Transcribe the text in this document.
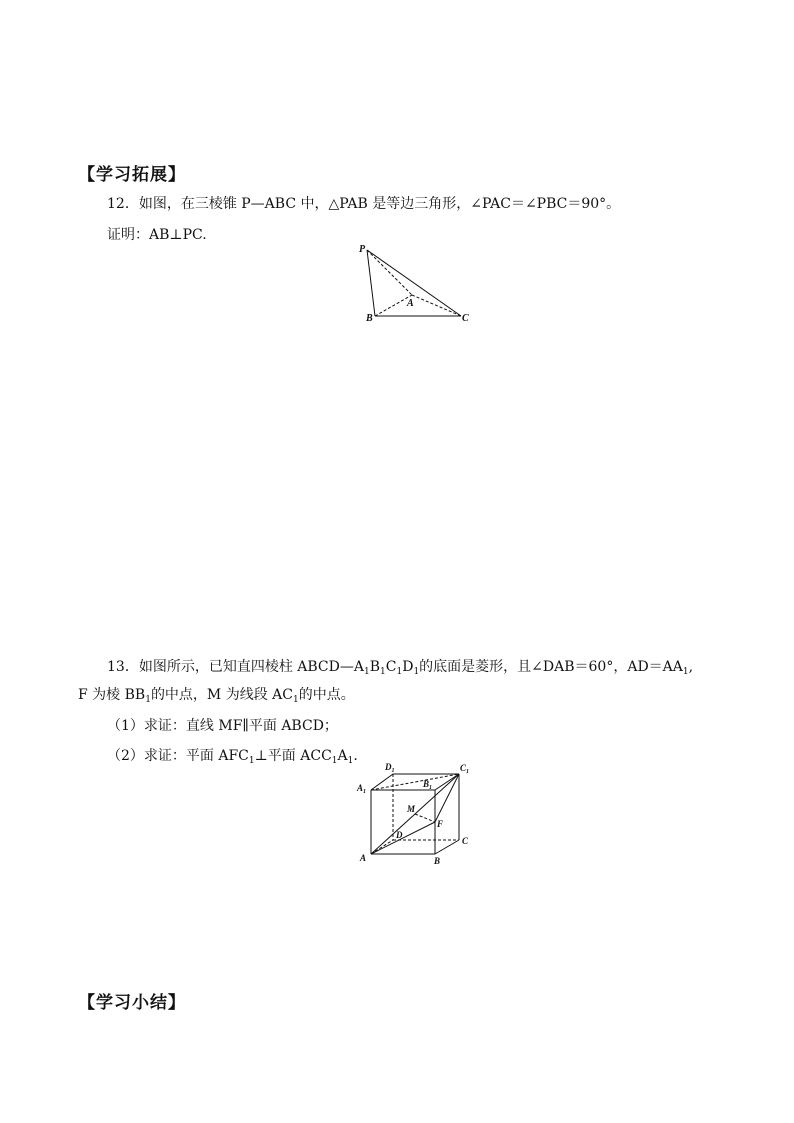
【学习拓展】
12．如图，在三棱锥 P—ABC 中，△PAB 是等边三角形，∠PAC＝∠PBC＝90°。
证明：AB⊥PC.
P
A
B	C
13．如图所示，已知直四棱柱 $ABCD—A_1B_1C_1D_1$的底面是菱形，且∠DAB＝60°，$AD=AA_1$,
F 为棱 $BB_1$的中点，M 为线段 $AC_1$的中点。
（1）求证：直线 MF∥平面 ABCD；
（2）求证：平面 $AFC_1\perp$平面 $ACC_1A_1$.
$D_1$
$B_1$
$C_1$
$A_1$
M
D
F
C
A	B
【学习小结】
